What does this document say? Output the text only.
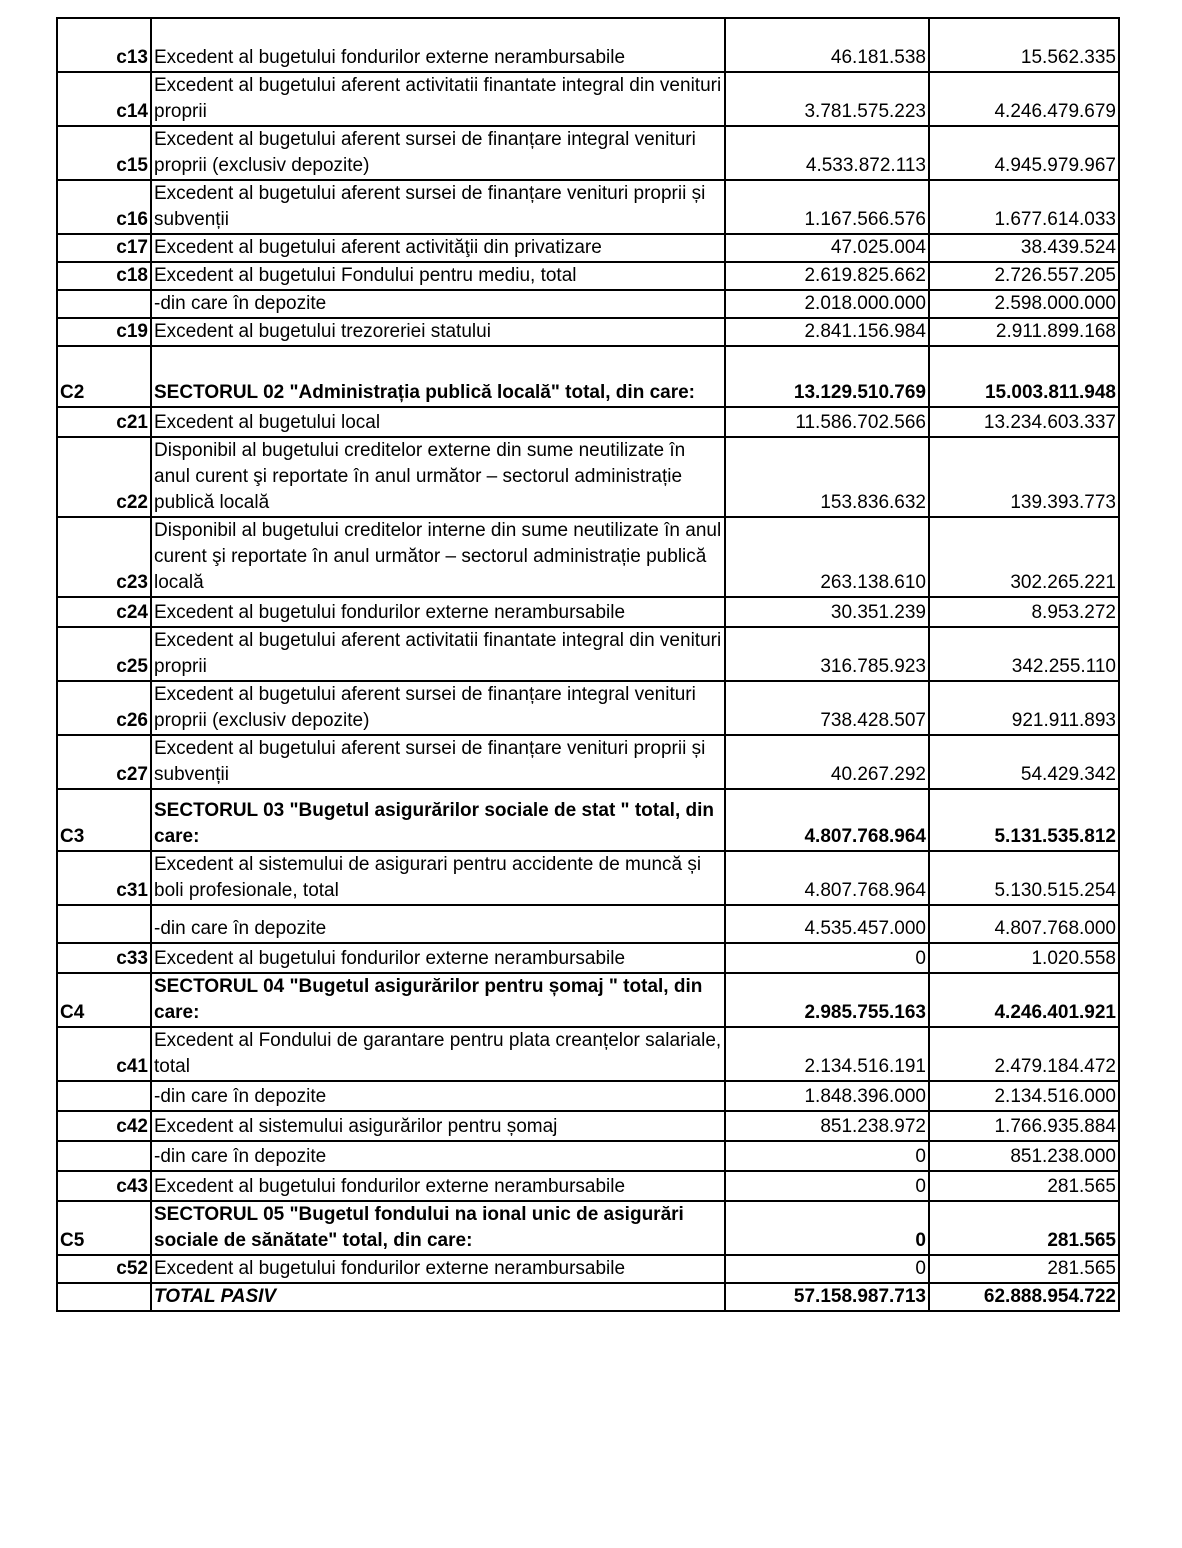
c13	Excedent al bugetului fondurilor externe nerambursabile	46.181.538	15.562.335
c14	Excedent al bugetului aferent activitatii finantate integral din venituri proprii	3.781.575.223	4.246.479.679
c15	Excedent al bugetului aferent sursei de finanțare integral venituri proprii (exclusiv depozite)	4.533.872.113	4.945.979.967
c16	Excedent al bugetului aferent sursei de finanțare venituri proprii și subvenții	1.167.566.576	1.677.614.033
c17	Excedent al bugetului aferent activităţii din privatizare	47.025.004	38.439.524
c18	Excedent al bugetului Fondului pentru mediu, total	2.619.825.662	2.726.557.205
	-din care în depozite	2.018.000.000	2.598.000.000
c19	Excedent al bugetului trezoreriei statului	2.841.156.984	2.911.899.168
C2	SECTORUL 02 "Administrația publică locală" total, din care:	13.129.510.769	15.003.811.948
c21	Excedent al bugetului local	11.586.702.566	13.234.603.337
c22	Disponibil al bugetului creditelor externe din sume neutilizate în anul curent şi reportate în anul următor – sectorul administrație publică locală	153.836.632	139.393.773
c23	Disponibil al bugetului creditelor interne din sume neutilizate în anul curent şi reportate în anul următor – sectorul administrație publică locală	263.138.610	302.265.221
c24	Excedent al bugetului fondurilor externe nerambursabile	30.351.239	8.953.272
c25	Excedent al bugetului aferent activitatii finantate integral din venituri proprii	316.785.923	342.255.110
c26	Excedent al bugetului aferent sursei de finanțare integral venituri proprii (exclusiv depozite)	738.428.507	921.911.893
c27	Excedent al bugetului aferent sursei de finanțare venituri proprii și subvenții	40.267.292	54.429.342
C3	SECTORUL 03 "Bugetul asigurărilor sociale de stat " total, din care:	4.807.768.964	5.131.535.812
c31	Excedent al sistemului de asigurari pentru accidente de muncă și boli profesionale, total	4.807.768.964	5.130.515.254
	-din care în depozite	4.535.457.000	4.807.768.000
c33	Excedent al bugetului fondurilor externe nerambursabile	0	1.020.558
C4	SECTORUL 04 "Bugetul asigurărilor pentru șomaj " total, din care:	2.985.755.163	4.246.401.921
c41	Excedent al Fondului de garantare pentru plata creanțelor salariale, total	2.134.516.191	2.479.184.472
	-din care în depozite	1.848.396.000	2.134.516.000
c42	Excedent al sistemului asigurărilor pentru șomaj	851.238.972	1.766.935.884
	-din care în depozite	0	851.238.000
c43	Excedent al bugetului fondurilor externe nerambursabile	0	281.565
C5	SECTORUL 05 "Bugetul fondului na ional unic de asigurări sociale de sănătate" total, din care:	0	281.565
c52	Excedent al bugetului fondurilor externe nerambursabile	0	281.565
	TOTAL PASIV	57.158.987.713	62.888.954.722
